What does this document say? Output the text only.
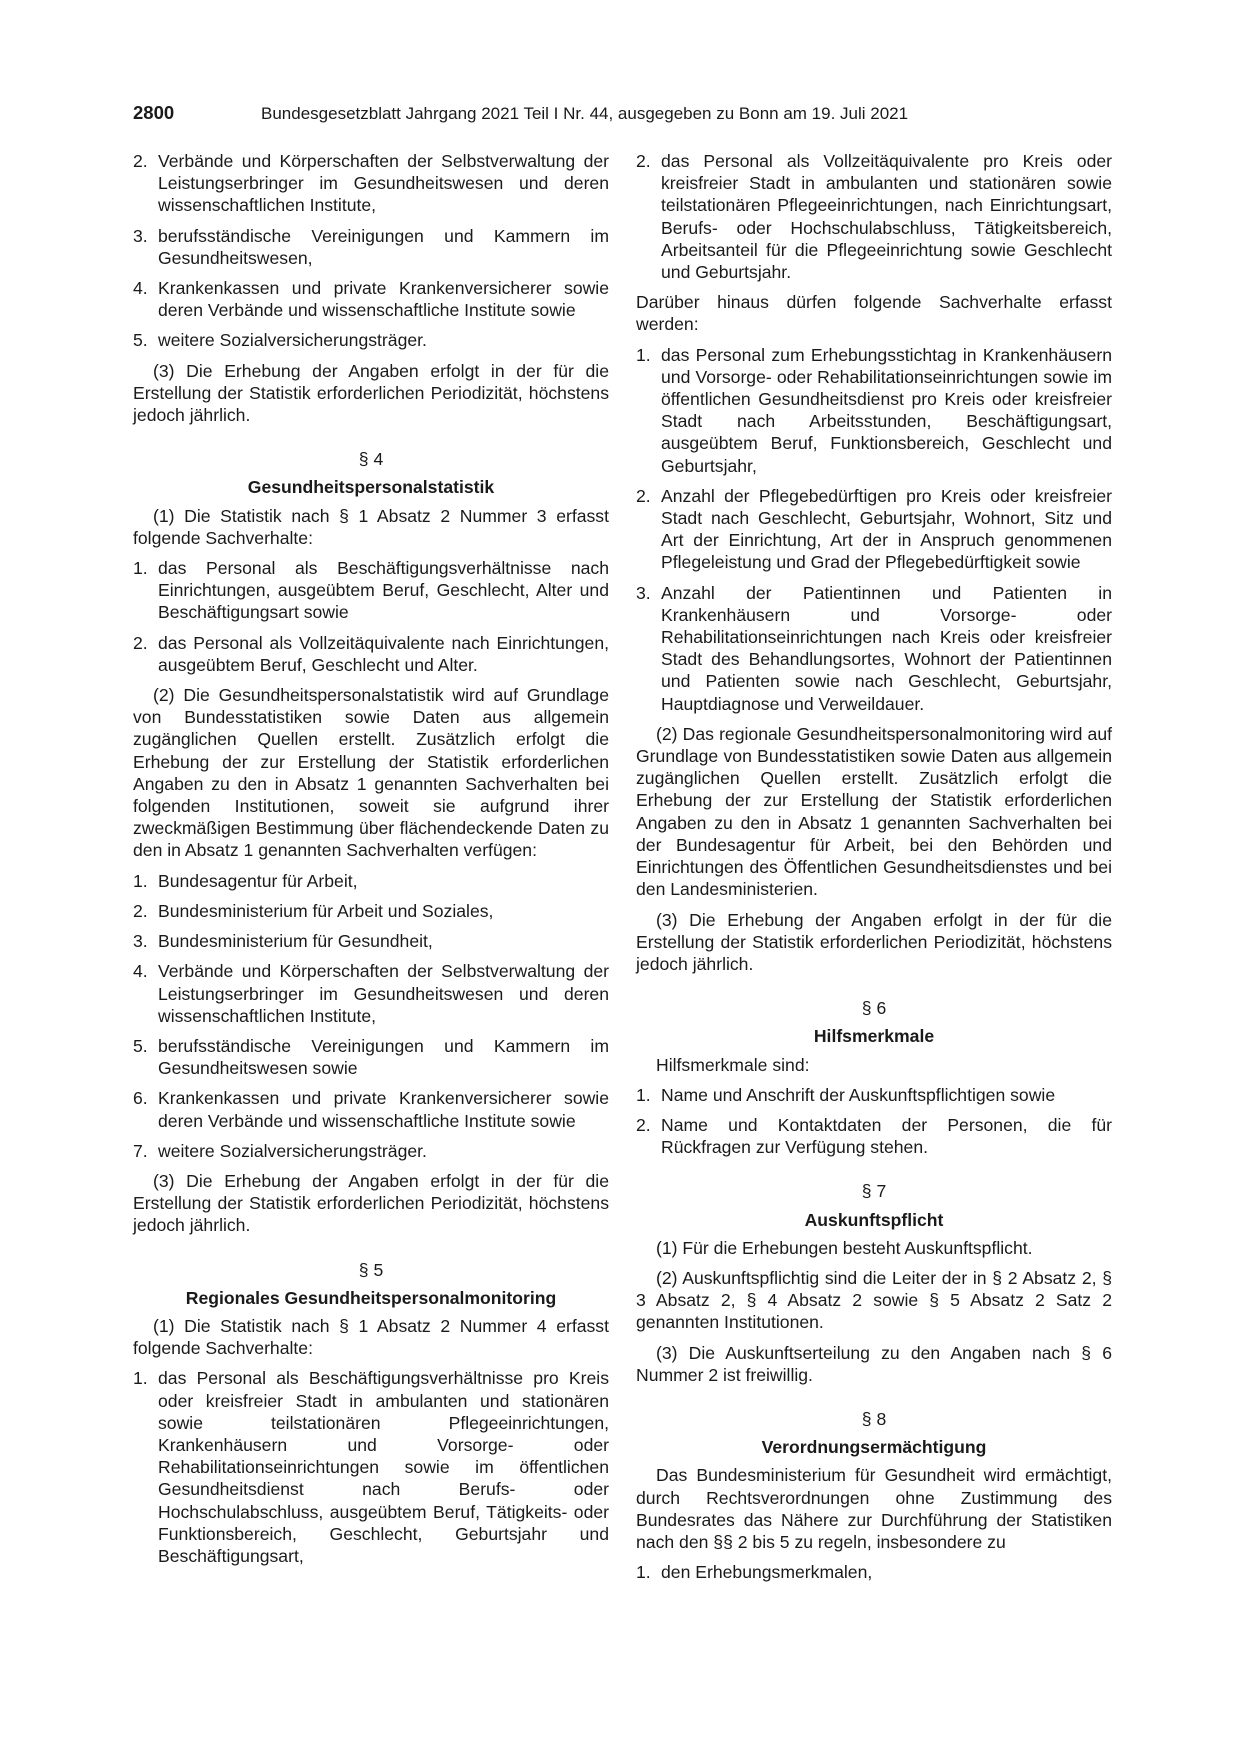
2800	Bundesgesetzblatt Jahrgang 2021 Teil I Nr. 44, ausgegeben zu Bonn am 19. Juli 2021
2. Verbände und Körperschaften der Selbstverwaltung der Leistungserbringer im Gesundheitswesen und deren wissenschaftlichen Institute,
3. berufsständische Vereinigungen und Kammern im Gesundheitswesen,
4. Krankenkassen und private Krankenversicherer sowie deren Verbände und wissenschaftliche Institute sowie
5. weitere Sozialversicherungsträger.

(3) Die Erhebung der Angaben erfolgt in der für die Erstellung der Statistik erforderlichen Periodizität, höchstens jedoch jährlich.

§ 4
Gesundheitspersonalstatistik

(1) Die Statistik nach § 1 Absatz 2 Nummer 3 erfasst folgende Sachverhalte:

1. das Personal als Beschäftigungsverhältnisse nach Einrichtungen, ausgeübtem Beruf, Geschlecht, Alter und Beschäftigungsart sowie
2. das Personal als Vollzeitäquivalente nach Einrichtungen, ausgeübtem Beruf, Geschlecht und Alter.

(2) Die Gesundheitspersonalstatistik wird auf Grundlage von Bundesstatistiken sowie Daten aus allgemein zugänglichen Quellen erstellt. Zusätzlich erfolgt die Erhebung der zur Erstellung der Statistik erforderlichen Angaben zu den in Absatz 1 genannten Sachverhalten bei folgenden Institutionen, soweit sie aufgrund ihrer zweckmäßigen Bestimmung über flächendeckende Daten zu den in Absatz 1 genannten Sachverhalten verfügen:

1. Bundesagentur für Arbeit,
2. Bundesministerium für Arbeit und Soziales,
3. Bundesministerium für Gesundheit,
4. Verbände und Körperschaften der Selbstverwaltung der Leistungserbringer im Gesundheitswesen und deren wissenschaftlichen Institute,
5. berufsständische Vereinigungen und Kammern im Gesundheitswesen sowie
6. Krankenkassen und private Krankenversicherer sowie deren Verbände und wissenschaftliche Institute sowie
7. weitere Sozialversicherungsträger.

(3) Die Erhebung der Angaben erfolgt in der für die Erstellung der Statistik erforderlichen Periodizität, höchstens jedoch jährlich.

§ 5
Regionales Gesundheitspersonalmonitoring

(1) Die Statistik nach § 1 Absatz 2 Nummer 4 erfasst folgende Sachverhalte:

1. das Personal als Beschäftigungsverhältnisse pro Kreis oder kreisfreier Stadt in ambulanten und stationären sowie teilstationären Pflegeeinrichtungen, Krankenhäusern und Vorsorge- oder Rehabilitationseinrichtungen sowie im öffentlichen Gesundheitsdienst nach Berufs- oder Hochschulabschluss, ausgeübtem Beruf, Tätigkeits- oder Funktionsbereich, Geschlecht, Geburtsjahr und Beschäftigungsart,
2. das Personal als Vollzeitäquivalente pro Kreis oder kreisfreier Stadt in ambulanten und stationären sowie teilstationären Pflegeeinrichtungen, nach Einrichtungsart, Berufs- oder Hochschulabschluss, Tätigkeitsbereich, Arbeitsanteil für die Pflegeeinrichtung sowie Geschlecht und Geburtsjahr.

Darüber hinaus dürfen folgende Sachverhalte erfasst werden:

1. das Personal zum Erhebungsstichtag in Krankenhäusern und Vorsorge- oder Rehabilitationseinrichtungen sowie im öffentlichen Gesundheitsdienst pro Kreis oder kreisfreier Stadt nach Arbeitsstunden, Beschäftigungsart, ausgeübtem Beruf, Funktionsbereich, Geschlecht und Geburtsjahr,
2. Anzahl der Pflegebedürftigen pro Kreis oder kreisfreier Stadt nach Geschlecht, Geburtsjahr, Wohnort, Sitz und Art der Einrichtung, Art der in Anspruch genommenen Pflegeleistung und Grad der Pflegebedürftigkeit sowie
3. Anzahl der Patientinnen und Patienten in Krankenhäusern und Vorsorge- oder Rehabilitationseinrichtungen nach Kreis oder kreisfreier Stadt des Behandlungsortes, Wohnort der Patientinnen und Patienten sowie nach Geschlecht, Geburtsjahr, Hauptdiagnose und Verweildauer.

(2) Das regionale Gesundheitspersonalmonitoring wird auf Grundlage von Bundesstatistiken sowie Daten aus allgemein zugänglichen Quellen erstellt. Zusätzlich erfolgt die Erhebung der zur Erstellung der Statistik erforderlichen Angaben zu den in Absatz 1 genannten Sachverhalten bei der Bundesagentur für Arbeit, bei den Behörden und Einrichtungen des Öffentlichen Gesundheitsdienstes und bei den Landesministerien.

(3) Die Erhebung der Angaben erfolgt in der für die Erstellung der Statistik erforderlichen Periodizität, höchstens jedoch jährlich.

§ 6
Hilfsmerkmale

Hilfsmerkmale sind:

1. Name und Anschrift der Auskunftspflichtigen sowie
2. Name und Kontaktdaten der Personen, die für Rückfragen zur Verfügung stehen.
§ 7
Auskunftspflicht

(1) Für die Erhebungen besteht Auskunftspflicht.

(2) Auskunftspflichtig sind die Leiter der in § 2 Absatz 2, § 3 Absatz 2, § 4 Absatz 2 sowie § 5 Absatz 2 Satz 2 genannten Institutionen.

(3) Die Auskunftserteilung zu den Angaben nach § 6 Nummer 2 ist freiwillig.

§ 8
Verordnungsermächtigung

Das Bundesministerium für Gesundheit wird ermächtigt, durch Rechtsverordnungen ohne Zustimmung des Bundesrates das Nähere zur Durchführung der Statistiken nach den §§ 2 bis 5 zu regeln, insbesondere zu

1. den Erhebungsmerkmalen,
